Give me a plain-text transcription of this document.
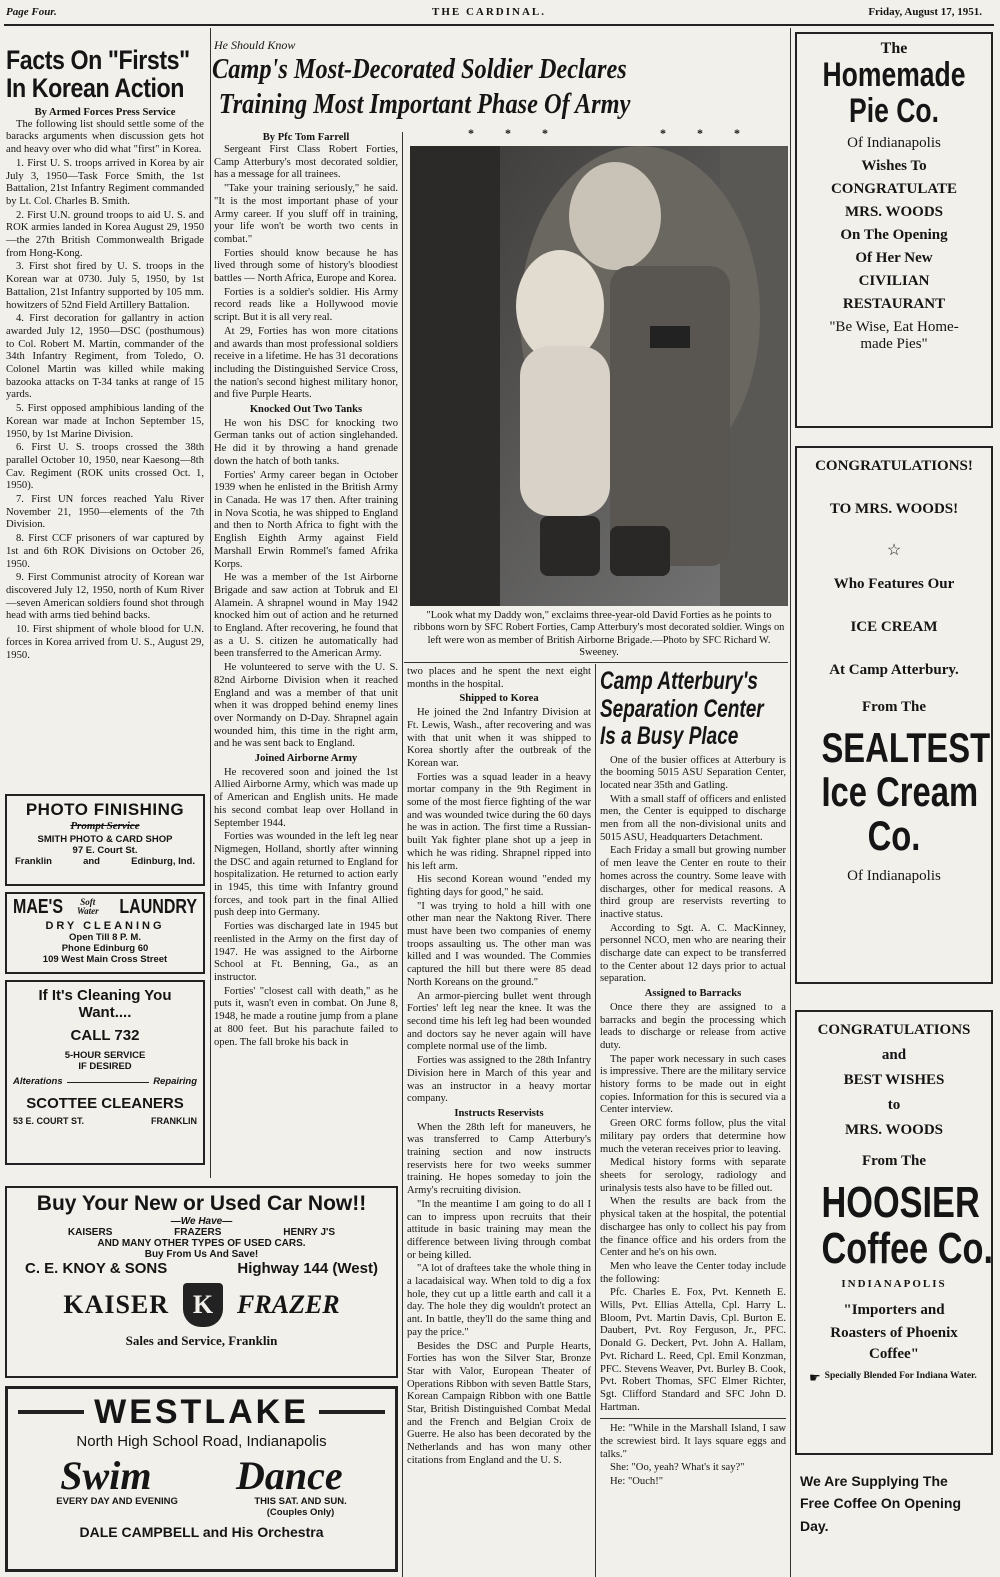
Page Four.	THE CARDINAL.	Friday, August 17, 1951.
Facts On "Firsts"
In Korean Action
By Armed Forces Press Service

The following list should settle some of the baracks arguments when discussion gets hot and heavy over who did what "first" in Korea.

1. First U. S. troops arrived in Korea by air July 3, 1950—Task Force Smith, the 1st Battalion, 21st Infantry Regiment commanded by Lt. Col. Charles B. Smith.

2. First U.N. ground troops to aid U. S. and ROK armies landed in Korea August 29, 1950—the 27th British Commonwealth Brigade from Hong-Kong.

3. First shot fired by U. S. troops in the Korean war at 0730. July 5, 1950, by 1st Battalion, 21st Infantry supported by 105 mm. howitzers of 52nd Field Artillery Battalion.

4. First decoration for gallantry in action awarded July 12, 1950—DSC (posthumous) to Col. Robert M. Martin, commander of the 34th Infantry Regiment, from Toledo, O. Colonel Martin was killed while making bazooka attacks on T-34 tanks at range of 15 yards.

5. First opposed amphibious landing of the Korean war made at Inchon September 15, 1950, by 1st Marine Division.

6. First U. S. troops crossed the 38th parallel October 10, 1950, near Kaesong—8th Cav. Regiment (ROK units crossed Oct. 1, 1950).

7. First UN forces reached Yalu River November 21, 1950—elements of the 7th Division.

8. First CCF prisoners of war captured by 1st and 6th ROK Divisions on October 26, 1950.

9. First Communist atrocity of Korean war discovered July 12, 1950, north of Kum River—seven American soldiers found shot through head with arms tied behind backs.

10. First shipment of whole blood for U.N. forces in Korea arrived from U. S., August 29, 1950.

PHOTO FINISHING
Prompt Service
SMITH PHOTO & CARD SHOP
97 E. Court St.
Franklin	and	Edinburg, Ind.
MAE'S	Soft
Water LAUNDRY
DRY CLEANING
Open Till 8 P. M.
Phone Edinburg 60
109 West Main Cross Street
If It's Cleaning You
Want....
CALL 732
5-HOUR SERVICE
IF DESIRED
Alterations	Repairing
SCOTTEE CLEANERS
53 E. COURT ST.	FRANKLIN
Buy Your New or Used Car Now!!
—We Have—
KAISERS	FRAZERS	HENRY J'S
AND MANY OTHER TYPES OF USED CARS.
Buy From Us And Save!
C. E. KNOY & SONS	Highway 144 (West)
KAISER K FRAZER
Sales and Service, Franklin
WESTLAKE
North High School Road, Indianapolis
Swim Dance
EVERY DAY AND EVENING	THIS SAT. AND SUN.
(Couples Only)
DALE CAMPBELL and His Orchestra
He Should Know
Camp's Most-Decorated Soldier Declares
Training Most Important Phase Of Army
* * *	* * *
By Pfc Tom Farrell

Sergeant First Class Robert Forties, Camp Atterbury's most decorated soldier, has a message for all trainees.

"Take your training seriously," he said. "It is the most important phase of your Army career. If you sluff off in training, your life won't be worth two cents in combat."

Forties should know because he has lived through some of history's bloodiest battles — North Africa, Europe and Korea.

Forties is a soldier's soldier. His Army record reads like a Hollywood movie script. But it is all very real.

At 29, Forties has won more citations and awards than most professional soldiers receive in a lifetime. He has 31 decorations including the Distinguished Service Cross, the nation's second highest military honor, and five Purple Hearts.

Knocked Out Two Tanks

He won his DSC for knocking two German tanks out of action singlehanded. He did it by throwing a hand grenade down the hatch of both tanks.

Forties' Army career began in October 1939 when he enlisted in the British Army in Canada. He was 17 then. After training in Nova Scotia, he was shipped to England and then to North Africa to fight with the English Eighth Army against Field Marshall Erwin Rommel's famed Afrika Korps.

He was a member of the 1st Airborne Brigade and saw action at Tobruk and El Alamein. A shrapnel wound in May 1942 knocked him out of action and he returned to England. After recovering, he found that as a U. S. citizen he automatically had been transferred to the American Army.

He volunteered to serve with the U. S. 82nd Airborne Division when it reached England and was a member of that unit when it was dropped behind enemy lines over Normandy on D-Day. Shrapnel again wounded him, this time in the right arm, and he was sent back to England.

Joined Airborne Army

He recovered soon and joined the 1st Allied Airborne Army, which was made up of American and English units. He made his second combat leap over Holland in September 1944.

Forties was wounded in the left leg near Nigmegen, Holland, shortly after winning the DSC and again returned to England for hospitalization. He returned to action early in 1945, this time with Infantry ground forces, and took part in the final Allied push deep into Germany.

Forties was discharged late in 1945 but reenlisted in the Army on the first day of 1947. He was assigned to the Airborne School at Ft. Benning, Ga., as an instructor.

Forties' "closest call with death," as he puts it, wasn't even in combat. On June 8, 1948, he made a routine jump from a plane at 800 feet. But his parachute failed to open. The fall broke his back in

"Look what my Daddy won," exclaims three-year-old David Forties as he points to ribbons worn by SFC Robert Forties, Camp Atterbury's most decorated soldier. Wings on left were won as member of British Airborne Brigade.—Photo by SFC Richard W. Sweeney.

two places and he spent the next eight months in the hospital.

Shipped to Korea

He joined the 2nd Infantry Division at Ft. Lewis, Wash., after recovering and was with that unit when it was shipped to Korea shortly after the outbreak of the Korean war.

Forties was a squad leader in a heavy mortar company in the 9th Regiment in some of the most fierce fighting of the war and was wounded twice during the 60 days he was in action. The first time a Russian-built Yak fighter plane shot up a jeep in which he was riding. Shrapnel ripped into his left arm.

His second Korean wound "ended my fighting days for good," he said.

"I was trying to hold a hill with one other man near the Naktong River. There must have been two companies of enemy troops assaulting us. The other man was killed and I was wounded. The Commies captured the hill but there were 85 dead North Koreans on the ground."

An armor-piercing bullet went through Forties' left leg near the knee. It was the second time his left leg had been wounded and doctors say he never again will have complete normal use of the limb.

Forties was assigned to the 28th Infantry Division here in March of this year and was an instructor in a heavy mortar company.

Instructs Reservists

When the 28th left for maneuvers, he was transferred to Camp Atterbury's training section and now instructs reservists here for two weeks summer training. He hopes someday to join the Army's recruiting division.

"In the meantime I am going to do all I can to impress upon recruits that their attitude in basic training may mean the difference between living through combat or being killed.

"A lot of draftees take the whole thing in a lacadaisical way. When told to dig a fox hole, they cut up a little earth and call it a day. The hole they dig wouldn't protect an ant. In battle, they'll do the same thing and pay the price."

Besides the DSC and Purple Hearts, Forties has won the Silver Star, Bronze Star with Valor, European Theater of Operations Ribbon with seven Battle Stars, Korean Campaign Ribbon with one Battle Star, British Distinguished Combat Medal and the French and Belgian Croix de Guerre. He also has been decorated by the Netherlands and has won many other citations from England and the U. S.

Camp Atterbury's
Separation Center
Is a Busy Place

One of the busier offices at Atterbury is the booming 5015 ASU Separation Center, located near 35th and Gatling.

With a small staff of officers and enlisted men, the Center is equipped to discharge men from all the non-divisional units and 5015 ASU, Headquarters Detachment.

Each Friday a small but growing number of men leave the Center en route to their homes across the country. Some leave with discharges, other for medical reasons. A third group are reservists reverting to inactive status.

According to Sgt. A. C. MacKinney, personnel NCO, men who are nearing their discharge date can expect to be transferred to the Center about 12 days prior to actual separation.

Assigned to Barracks

Once there they are assigned to a barracks and begin the processing which leads to discharge or release from active duty.

The paper work necessary in such cases is impressive. There are the military service history forms to be made out in eight copies. Information for this is secured via a Center interview.

Green ORC forms follow, plus the vital military pay orders that determine how much the veteran receives prior to leaving.

Medical history forms with separate sheets for serology, radiology and urinalysis tests also have to be filled out.

When the results are back from the physical taken at the hospital, the potential dischargee has only to collect his pay from the finance office and his orders from the Center and he's on his own.

Men who leave the Center today include the following:

Pfc. Charles E. Fox, Pvt. Kenneth E. Wills, Pvt. Ellias Attella, Cpl. Harry L. Bloom, Pvt. Martin Davis, Cpl. Burton E. Daubert, Pvt. Roy Ferguson, Jr., PFC. Donald G. Deckert, Pvt. John A. Hallam, Pvt. Richard L. Reed, Cpl. Emil Konzman, PFC. Stevens Weaver, Pvt. Burley B. Cook, Pvt. Robert Thomas, SFC Elmer Richter, Sgt. Clifford Standard and SFC John D. Hartman.

He: "While in the Marshall Island, I saw the screwiest bird. It lays square eggs and talks."

She: "Oo, yeah? What's it say?"

He: "Ouch!"

The
Homemade
Pie Co.
Of Indianapolis
Wishes To
CONGRATULATE
MRS. WOODS
On The Opening
Of Her New
CIVILIAN
RESTAURANT
"Be Wise, Eat Home-
made Pies"
CONGRATULATIONS!
TO MRS. WOODS!
☆
Who Features Our
ICE CREAM
At Camp Atterbury.
From The
SEALTEST
Ice Cream
Co.
Of Indianapolis
CONGRATULATIONS
and
BEST WISHES
to
MRS. WOODS
From The
HOOSIER
Coffee Co.
INDIANAPOLIS
"Importers and
Roasters of Phoenix
Coffee"
☛ Specially Blended For Indiana Water.
We Are Supplying The
Free Coffee On Opening
Day.
